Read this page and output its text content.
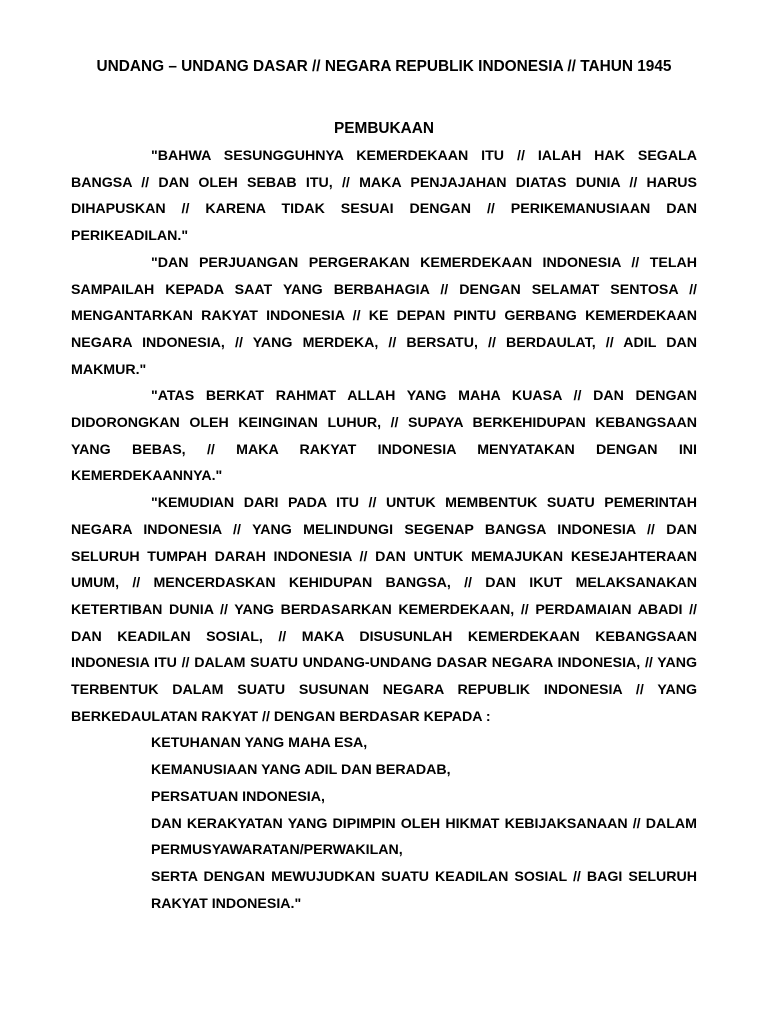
UNDANG – UNDANG DASAR // NEGARA REPUBLIK INDONESIA // TAHUN 1945
PEMBUKAAN

"BAHWA SESUNGGUHNYA KEMERDEKAAN ITU // IALAH HAK SEGALA BANGSA // DAN OLEH SEBAB ITU, // MAKA PENJAJAHAN DIATAS DUNIA // HARUS DIHAPUSKAN // KARENA TIDAK SESUAI DENGAN // PERIKEMANUSIAAN DAN PERIKEADILAN."

"DAN PERJUANGAN PERGERAKAN KEMERDEKAAN INDONESIA // TELAH SAMPAILAH KEPADA SAAT YANG BERBAHAGIA // DENGAN SELAMAT SENTOSA // MENGANTARKAN RAKYAT INDONESIA // KE DEPAN PINTU GERBANG KEMERDEKAAN NEGARA INDONESIA, // YANG MERDEKA, // BERSATU, // BERDAULAT, // ADIL DAN MAKMUR."

"ATAS BERKAT RAHMAT ALLAH YANG MAHA KUASA // DAN DENGAN DIDORONGKAN OLEH KEINGINAN LUHUR, // SUPAYA BERKEHIDUPAN KEBANGSAAN YANG BEBAS, // MAKA RAKYAT INDONESIA MENYATAKAN DENGAN INI KEMERDEKAANNYA."

"KEMUDIAN DARI PADA ITU // UNTUK MEMBENTUK SUATU PEMERINTAH NEGARA INDONESIA // YANG MELINDUNGI SEGENAP BANGSA INDONESIA // DAN SELURUH TUMPAH DARAH INDONESIA // DAN UNTUK MEMAJUKAN KESEJAHTERAAN UMUM, // MENCERDASKAN KEHIDUPAN BANGSA, // DAN IKUT MELAKSANAKAN KETERTIBAN DUNIA // YANG BERDASARKAN KEMERDEKAAN, // PERDAMAIAN ABADI // DAN KEADILAN SOSIAL, // MAKA DISUSUNLAH KEMERDEKAAN KEBANGSAAN INDONESIA ITU // DALAM SUATU UNDANG-UNDANG DASAR NEGARA INDONESIA, // YANG TERBENTUK DALAM SUATU SUSUNAN NEGARA REPUBLIK INDONESIA // YANG BERKEDAULATAN RAKYAT // DENGAN BERDASAR KEPADA :

KETUHANAN YANG MAHA ESA,
KEMANUSIAAN YANG ADIL DAN BERADAB,
PERSATUAN INDONESIA,
DAN KERAKYATAN YANG DIPIMPIN OLEH HIKMAT KEBIJAKSANAAN // DALAM PERMUSYAWARATAN/PERWAKILAN,
SERTA DENGAN MEWUJUDKAN SUATU KEADILAN SOSIAL // BAGI SELURUH RAKYAT INDONESIA."
